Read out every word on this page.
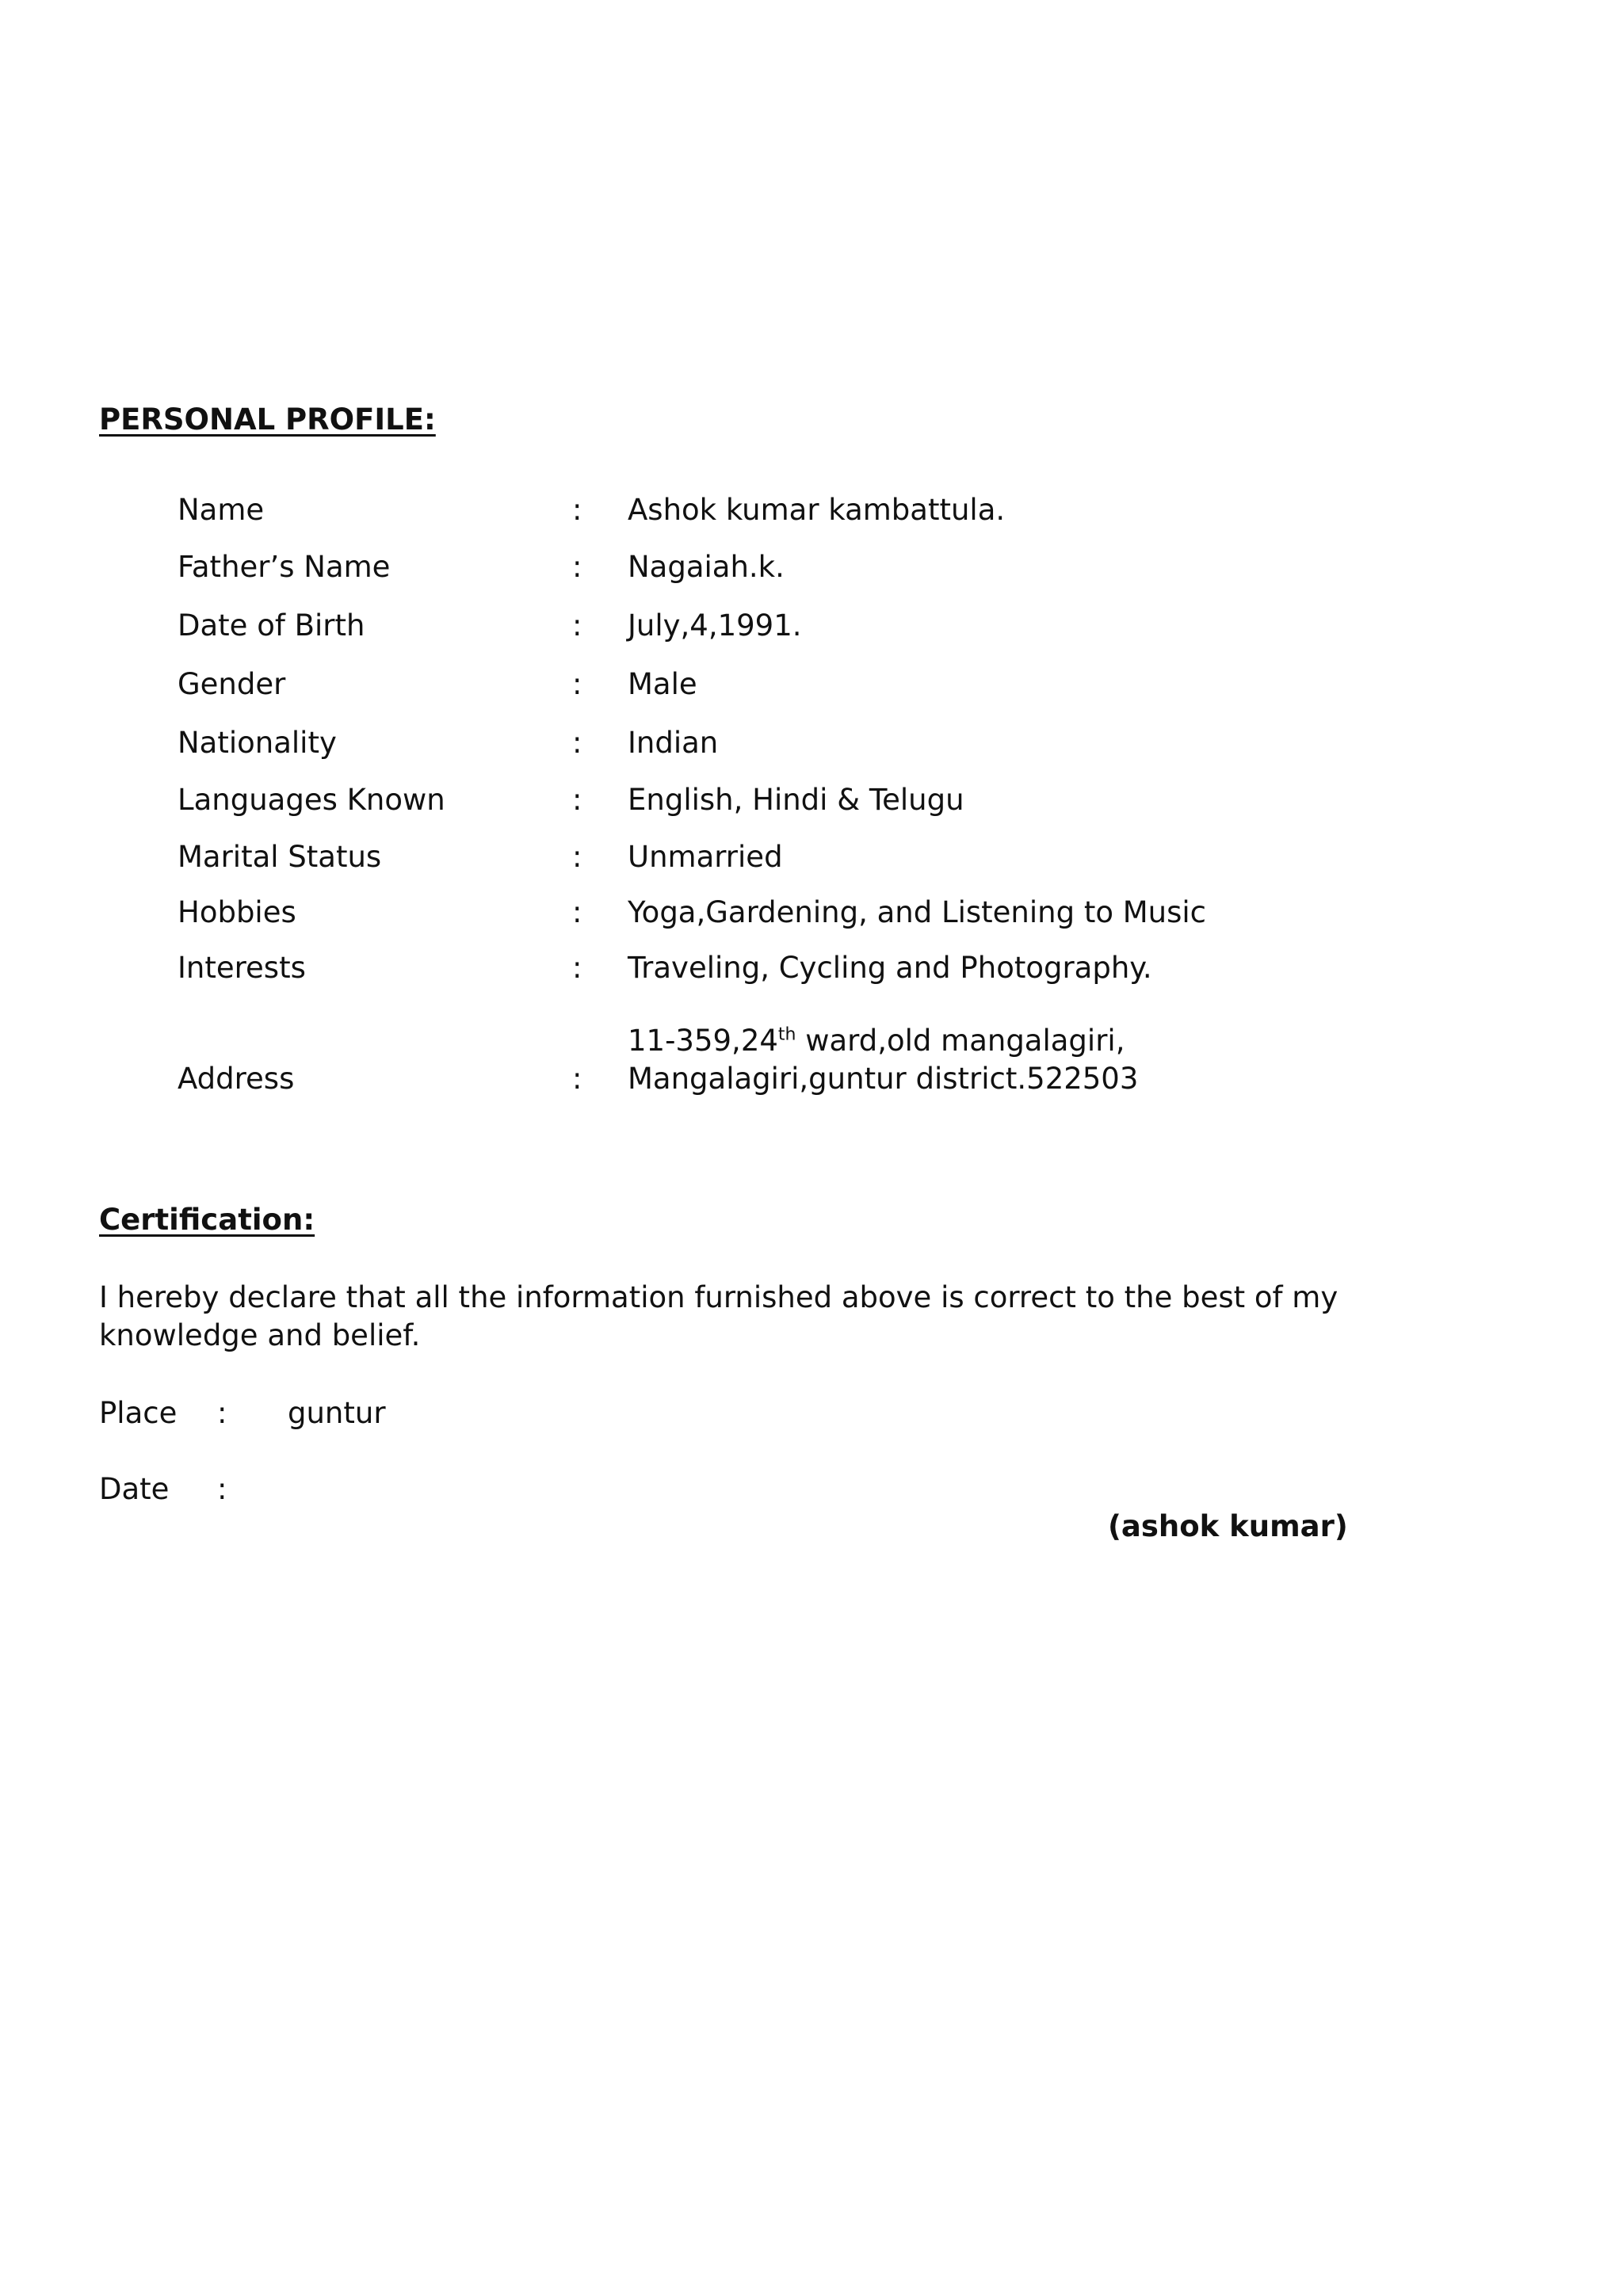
PERSONAL PROFILE:
Name	: Ashok kumar kambattula.
Father’s Name	: Nagaiah.k.
Date of Birth	: July,4,1991.
Gender	: Male
Nationality	: Indian
Languages Known	: English, Hindi & Telugu
Marital Status	: Unmarried
Hobbies	: Yoga,Gardening, and Listening to Music
Interests	: Traveling, Cycling and Photography.
Address	:
11-359,24th ward,old mangalagiri,
Mangalagiri,guntur district.522503
Certification:

I hereby declare that all the information furnished above is correct to the best of my knowledge and belief.

Place : guntur
Date :
(ashok kumar)
